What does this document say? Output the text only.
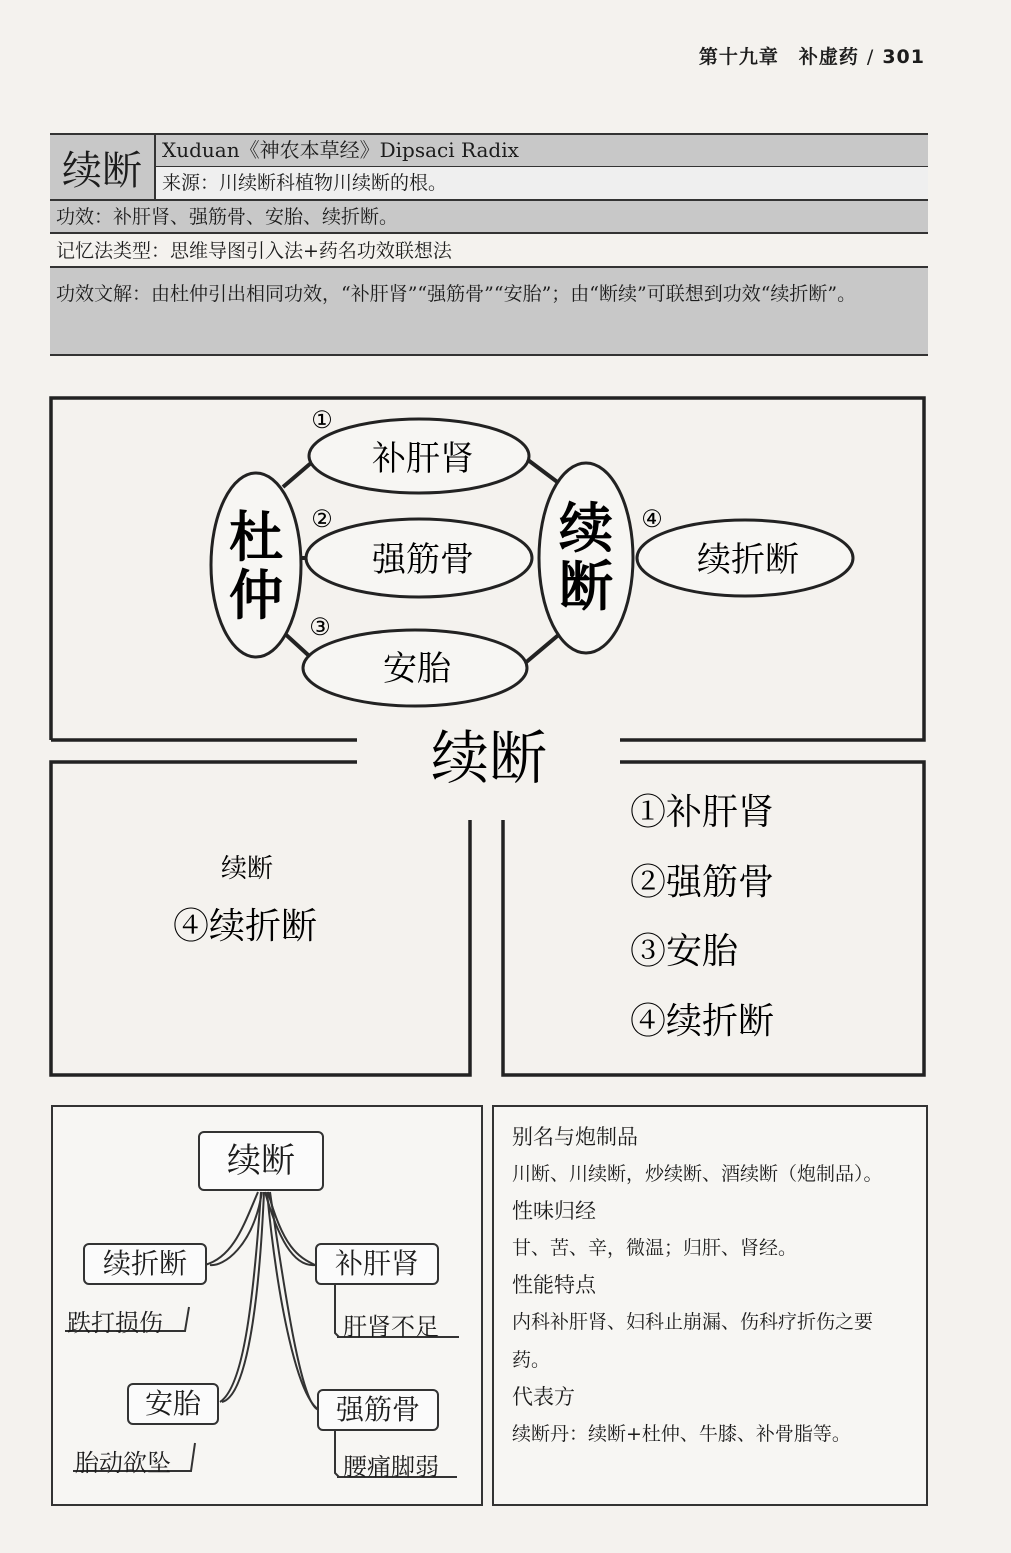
第十九章　补虚药 / 301
续断	Xuduan《神农本草经》Dipsaci Radix
来源：川续断科植物川续断的根。
功效：补肝肾、强筋骨、安胎、续折断。
记忆法类型：思维导图引入法+药名功效联想法
功效文解：由杜仲引出相同功效，“补肝肾”“强筋骨”“安胎”；由“断续”可联想到功效“续折断”。
杜
仲
续
断
补肝肾
强筋骨
安胎
续折断
①
②
③
④
续断
续断
④续折断
①补肝肾
②强筋骨
③安胎
④续折断
续断
续折断
跌打损伤
补肝肾
肝肾不足
安胎
胎动欲坠
强筋骨
腰痛脚弱
别名与炮制品
川断、川续断，炒续断、酒续断（炮制品）。
性味归经
甘、苦、辛，微温；归肝、肾经。
性能特点
内科补肝肾、妇科止崩漏、伤科疗折伤之要药。
代表方
续断丹：续断+杜仲、牛膝、补骨脂等。
